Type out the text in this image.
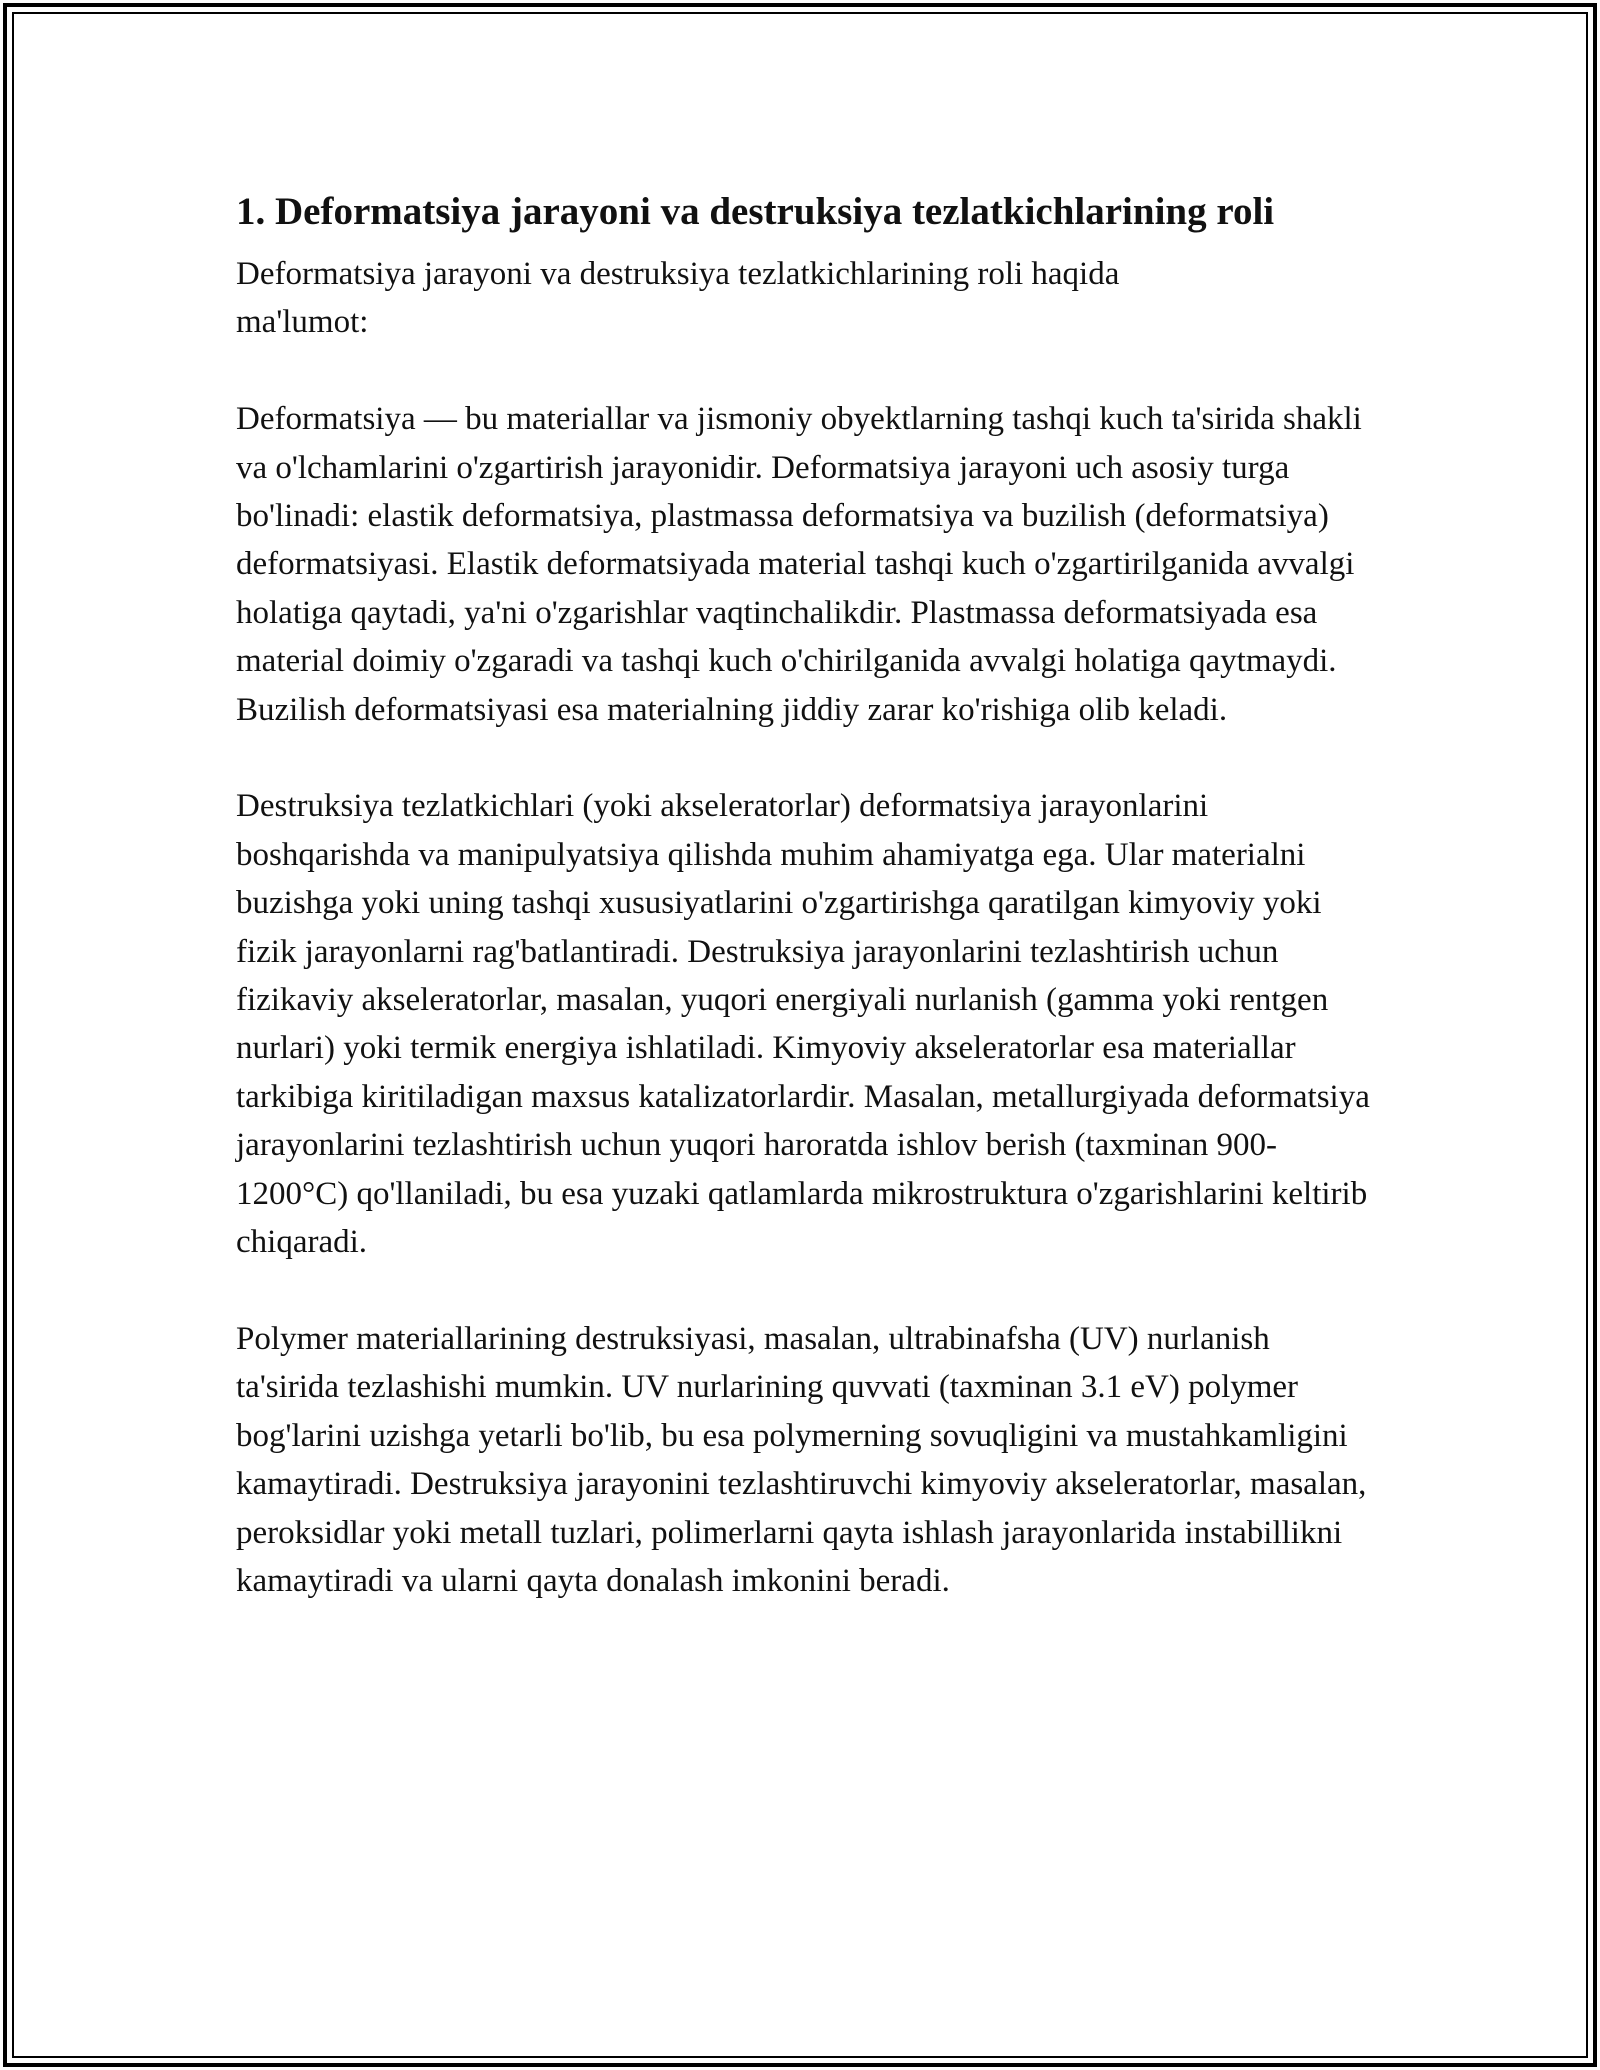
1. Deformatsiya jarayoni va destruksiya tezlatkichlarining roli

Deformatsiya jarayoni va destruksiya tezlatkichlarining roli haqida ma'lumot:

Deformatsiya — bu materiallar va jismoniy obyektlarning tashqi kuch ta'sirida shakli va o'lchamlarini o'zgartirish jarayonidir. Deformatsiya jarayoni uch asosiy turga bo'linadi: elastik deformatsiya, plastmassa deformatsiya va buzilish (deformatsiya) deformatsiyasi. Elastik deformatsiyada material tashqi kuch o'zgartirilganida avvalgi holatiga qaytadi, ya'ni o'zgarishlar vaqtinchalikdir. Plastmassa deformatsiyada esa material doimiy o'zgaradi va tashqi kuch o'chirilganida avvalgi holatiga qaytmaydi. Buzilish deformatsiyasi esa materialning jiddiy zarar ko'rishiga olib keladi.

Destruksiya tezlatkichlari (yoki akseleratorlar) deformatsiya jarayonlarini boshqarishda va manipulyatsiya qilishda muhim ahamiyatga ega. Ular materialni buzishga yoki uning tashqi xususiyatlarini o'zgartirishga qaratilgan kimyoviy yoki fizik jarayonlarni rag'batlantiradi. Destruksiya jarayonlarini tezlashtirish uchun fizikaviy akseleratorlar, masalan, yuqori energiyali nurlanish (gamma yoki rentgen nurlari) yoki termik energiya ishlatiladi. Kimyoviy akseleratorlar esa materiallar tarkibiga kiritiladigan maxsus katalizatorlardir. Masalan, metallurgiyada deformatsiya jarayonlarini tezlashtirish uchun yuqori haroratda ishlov berish (taxminan 900-1200°C) qo'llaniladi, bu esa yuzaki qatlamlarda mikrostruktura o'zgarishlarini keltirib chiqaradi.

Polymer materiallarining destruksiyasi, masalan, ultrabinafsha (UV) nurlanish ta'sirida tezlashishi mumkin. UV nurlarining quvvati (taxminan 3.1 eV) polymer bog'larini uzishga yetarli bo'lib, bu esa polymerning sovuqligini va mustahkamligini kamaytiradi. Destruksiya jarayonini tezlashtiruvchi kimyoviy akseleratorlar, masalan, peroksidlar yoki metall tuzlari, polimerlarni qayta ishlash jarayonlarida instabillikni kamaytiradi va ularni qayta donalash imkonini beradi.
